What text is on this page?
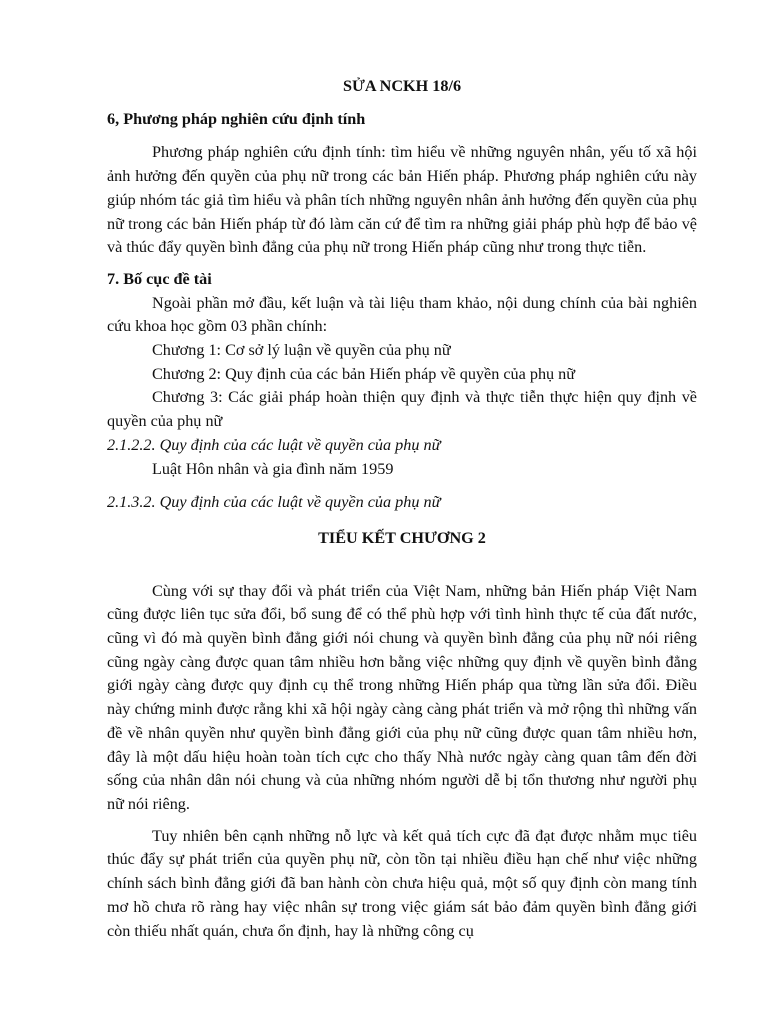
SỬA NCKH 18/6

6, Phương pháp nghiên cứu định tính

Phương pháp nghiên cứu định tính: tìm hiểu về những nguyên nhân, yếu tố xã hội ảnh hưởng đến quyền của phụ nữ trong các bản Hiến pháp. Phương pháp nghiên cứu này giúp nhóm tác giả tìm hiểu và phân tích những nguyên nhân ảnh hưởng đến quyền của phụ nữ trong các bản Hiến pháp từ đó làm căn cứ để tìm ra những giải pháp phù hợp để bảo vệ và thúc đẩy quyền bình đẳng của phụ nữ trong Hiến pháp cũng như trong thực tiễn.

7. Bố cục đề tài

Ngoài phần mở đầu, kết luận và tài liệu tham khảo, nội dung chính của bài nghiên cứu khoa học gồm 03 phần chính:

Chương 1: Cơ sở lý luận về quyền của phụ nữ

Chương 2: Quy định của các bản Hiến pháp về quyền của phụ nữ

Chương 3: Các giải pháp hoàn thiện quy định và thực tiễn thực hiện quy định về quyền của phụ nữ

2.1.2.2. Quy định của các luật về quyền của phụ nữ

Luật Hôn nhân và gia đình năm 1959

2.1.3.2. Quy định của các luật về quyền của phụ nữ

TIỂU KẾT CHƯƠNG 2

Cùng với sự thay đổi và phát triển của Việt Nam, những bản Hiến pháp Việt Nam cũng được liên tục sửa đổi, bổ sung để có thể phù hợp với tình hình thực tế của đất nước, cũng vì đó mà quyền bình đẳng giới nói chung và quyền bình đẳng của phụ nữ nói riêng cũng ngày càng được quan tâm nhiều hơn bằng việc những quy định về quyền bình đẳng giới ngày càng được quy định cụ thể trong những Hiến pháp qua từng lần sửa đổi. Điều này chứng minh được rằng khi xã hội ngày càng càng phát triển và mở rộng thì những vấn đề về nhân quyền như quyền bình đẳng giới của phụ nữ cũng được quan tâm nhiều hơn, đây là một dấu hiệu hoàn toàn tích cực cho thấy Nhà nước ngày càng quan tâm đến đời sống của nhân dân nói chung và của những nhóm người dễ bị tổn thương như người phụ nữ nói riêng.

Tuy nhiên bên cạnh những nỗ lực và kết quả tích cực đã đạt được nhằm mục tiêu thúc đẩy sự phát triển của quyền phụ nữ, còn tồn tại nhiều điều hạn chế như việc những chính sách bình đẳng giới đã ban hành còn chưa hiệu quả, một số quy định còn mang tính mơ hồ chưa rõ ràng hay việc nhân sự trong việc giám sát bảo đảm quyền bình đẳng giới còn thiếu nhất quán, chưa ổn định, hay là những công cụ
